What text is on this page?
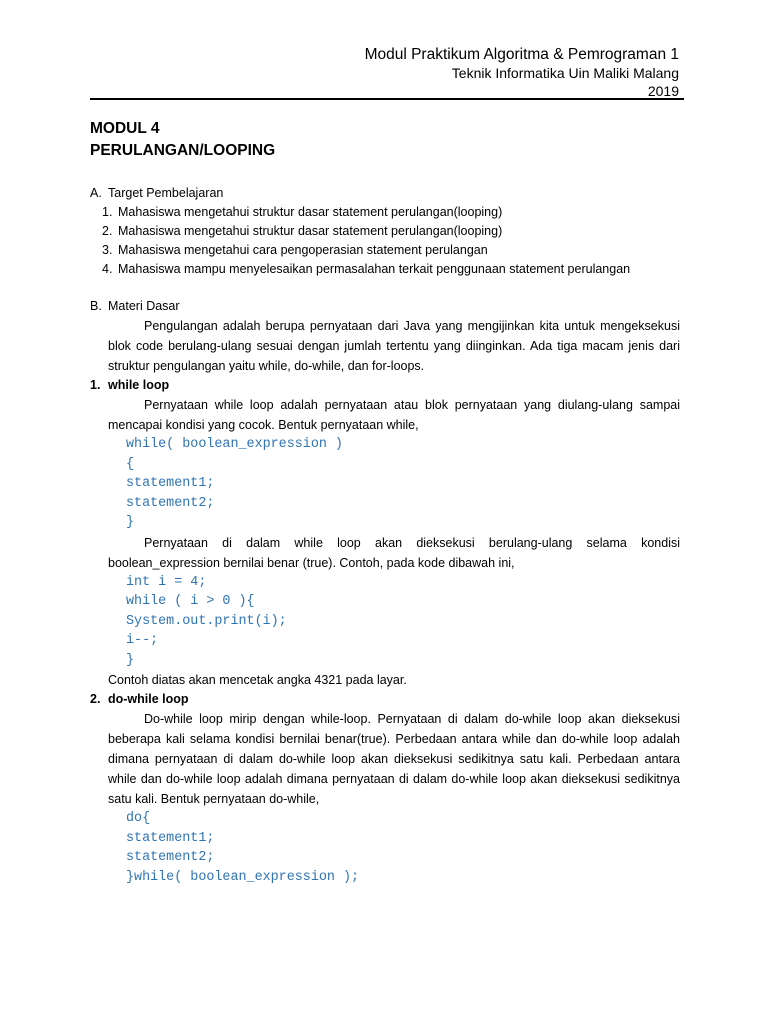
Modul Praktikum Algoritma & Pemrograman 1
Teknik Informatika Uin Maliki Malang
2019
MODUL 4
PERULANGAN/LOOPING
A. Target Pembelajaran
1. Mahasiswa mengetahui struktur dasar statement perulangan(looping)
2. Mahasiswa mengetahui struktur dasar statement perulangan(looping)
3. Mahasiswa mengetahui cara pengoperasian statement perulangan
4. Mahasiswa mampu menyelesaikan permasalahan terkait penggunaan statement perulangan
B. Materi Dasar
Pengulangan adalah berupa pernyataan dari Java yang mengijinkan kita untuk mengeksekusi blok code berulang-ulang sesuai dengan jumlah tertentu yang diinginkan. Ada tiga macam jenis dari struktur pengulangan yaitu while, do-while, dan for-loops.
1. while loop
Pernyataan while loop adalah pernyataan atau blok pernyataan yang diulang-ulang sampai mencapai kondisi yang cocok. Bentuk pernyataan while,
while( boolean_expression )
{
statement1;
statement2;
}
Pernyataan di dalam while loop akan dieksekusi berulang-ulang selama kondisi boolean_expression bernilai benar (true). Contoh, pada kode dibawah ini,
int i = 4;
while ( i > 0 ){
System.out.print(i);
i--;
}
Contoh diatas akan mencetak angka 4321 pada layar.
2. do-while loop
Do-while loop mirip dengan while-loop. Pernyataan di dalam do-while loop akan dieksekusi beberapa kali selama kondisi bernilai benar(true). Perbedaan antara while dan do-while loop adalah dimana pernyataan di dalam do-while loop akan dieksekusi sedikitnya satu kali. Perbedaan antara while dan do-while loop adalah dimana pernyataan di dalam do-while loop akan dieksekusi sedikitnya satu kali. Bentuk pernyataan do-while,
do{
statement1;
statement2;
}while( boolean_expression );
